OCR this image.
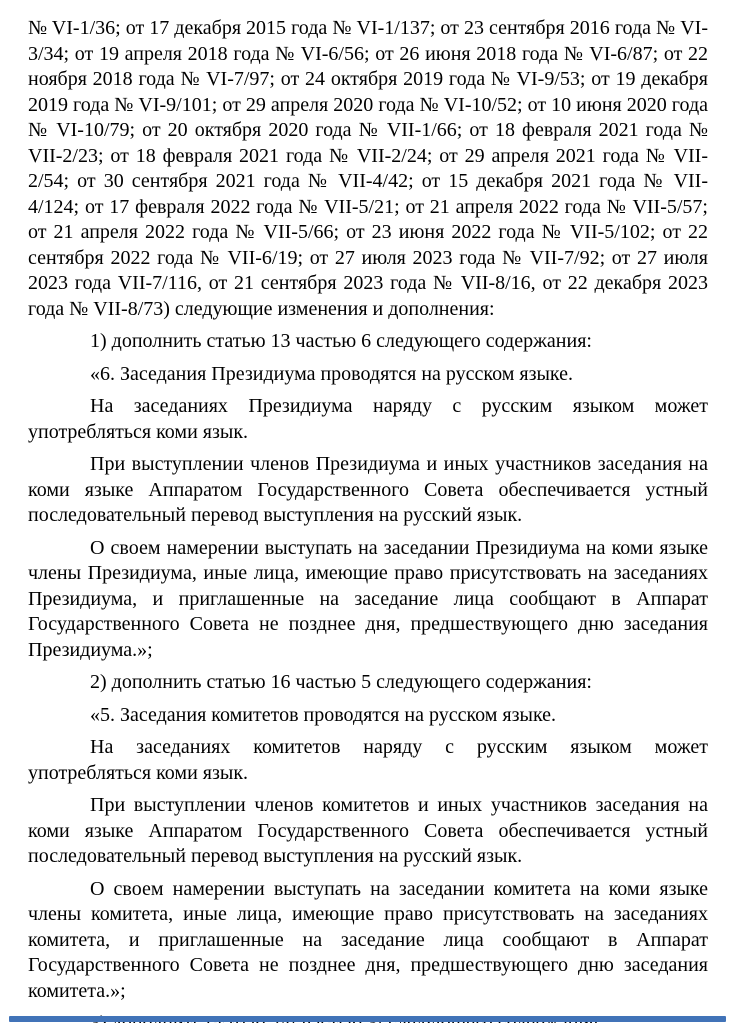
№ VI-1/36; от 17 декабря 2015 года № VI-1/137; от 23 сентября 2016 года № VI-3/34; от 19 апреля 2018 года № VI-6/56; от 26 июня 2018 года № VI-6/87; от 22 ноября 2018 года № VI-7/97; от 24 октября 2019 года № VI-9/53; от 19 декабря 2019 года № VI-9/101; от 29 апреля 2020 года № VI-10/52; от 10 июня 2020 года № VI-10/79; от 20 октября 2020 года № VII-1/66; от 18 февраля 2021 года № VII-2/23; от 18 февраля 2021 года № VII-2/24; от 29 апреля 2021 года № VII-2/54; от 30 сентября 2021 года № VII-4/42; от 15 декабря 2021 года № VII-4/124; от 17 февраля 2022 года № VII-5/21; от 21 апреля 2022 года № VII-5/57; от 21 апреля 2022 года № VII-5/66; от 23 июня 2022 года № VII-5/102; от 22 сентября 2022 года № VII-6/19; от 27 июля 2023 года № VII-7/92; от 27 июля 2023 года VII-7/116, от 21 сентября 2023 года № VII-8/16, от 22 декабря 2023 года № VII-8/73) следующие изменения и дополнения:

1) дополнить статью 13 частью 6 следующего содержания:

«6. Заседания Президиума проводятся на русском языке.

На заседаниях Президиума наряду с русским языком может употребляться коми язык.

При выступлении членов Президиума и иных участников заседания на коми языке Аппаратом Государственного Совета обеспечивается устный последовательный перевод выступления на русский язык.

О своем намерении выступать на заседании Президиума на коми языке члены Президиума, иные лица, имеющие право присутствовать на заседаниях Президиума, и приглашенные на заседание лица сообщают в Аппарат Государственного Совета не позднее дня, предшествующего дню заседания Президиума.»;

2) дополнить статью 16 частью 5 следующего содержания:

«5. Заседания комитетов проводятся на русском языке.

На заседаниях комитетов наряду с русским языком может употребляться коми язык.

При выступлении членов комитетов и иных участников заседания на коми языке Аппаратом Государственного Совета обеспечивается устный последовательный перевод выступления на русский язык.

О своем намерении выступать на заседании комитета на коми языке члены комитета, иные лица, имеющие право присутствовать на заседаниях комитета, и приглашенные на заседание лица сообщают в Аппарат Государственного Совета не позднее дня, предшествующего дню заседания комитета.»;
